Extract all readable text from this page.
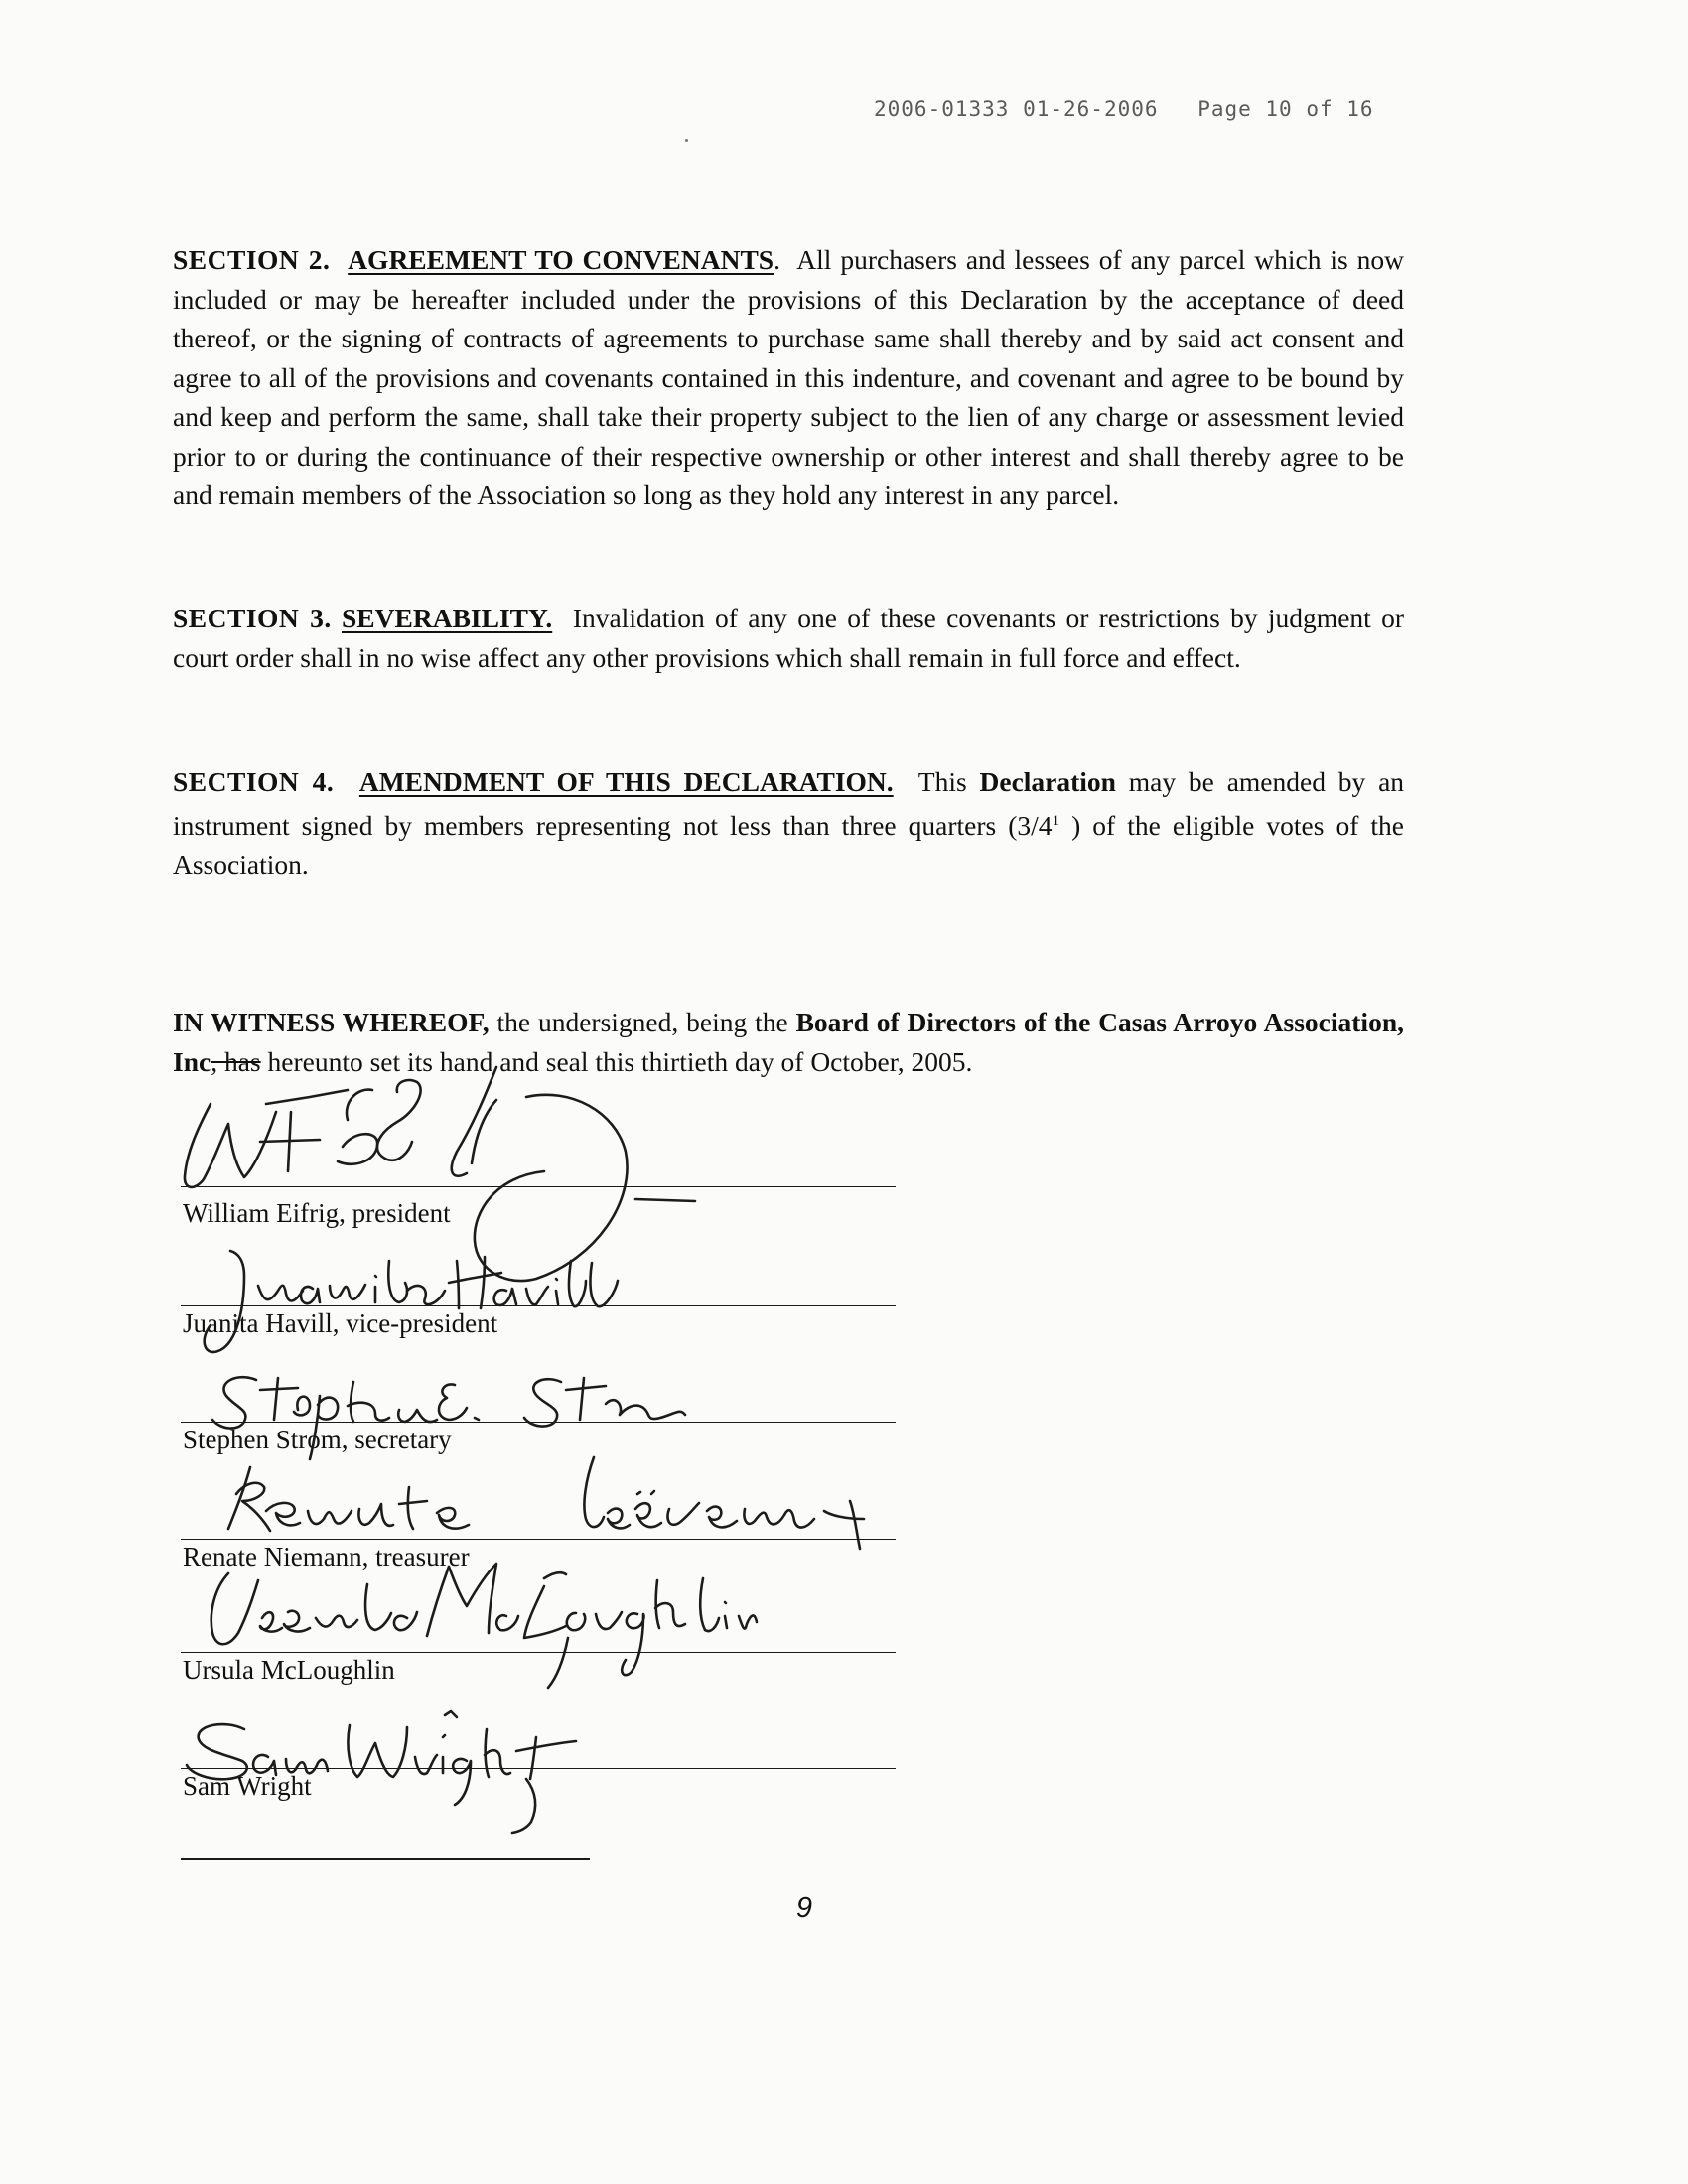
2006-01333 01-26-2006 Page 10 of 16

SECTION 2. AGREEMENT TO CONVENANTS. All purchasers and lessees of any parcel which is now included or may be hereafter included under the provisions of this Declaration by the acceptance of deed thereof, or the signing of contracts of agreements to purchase same shall thereby and by said act consent and agree to all of the provisions and covenants contained in this indenture, and covenant and agree to be bound by and keep and perform the same, shall take their property subject to the lien of any charge or assessment levied prior to or during the continuance of their respective ownership or other interest and shall thereby agree to be and remain members of the Association so long as they hold any interest in any parcel.

SECTION 3. SEVERABILITY. Invalidation of any one of these covenants or restrictions by judgment or court order shall in no wise affect any other provisions which shall remain in full force and effect.

SECTION 4. AMENDMENT OF THIS DECLARATION. This Declaration may be amended by an instrument signed by members representing not less than three quarters ($3/4^1$ ) of the eligible votes of the Association.

IN WITNESS WHEREOF, the undersigned, being the Board of Directors of the Casas Arroyo Association, Inc, has hereunto set its hand and seal this thirtieth day of October, 2005.

William Eifrig, president
Juanita Havill, vice-president
Stephen Strom, secretary
Renate Niemann, treasurer
Ursula McLoughlin
Sam Wright
9
